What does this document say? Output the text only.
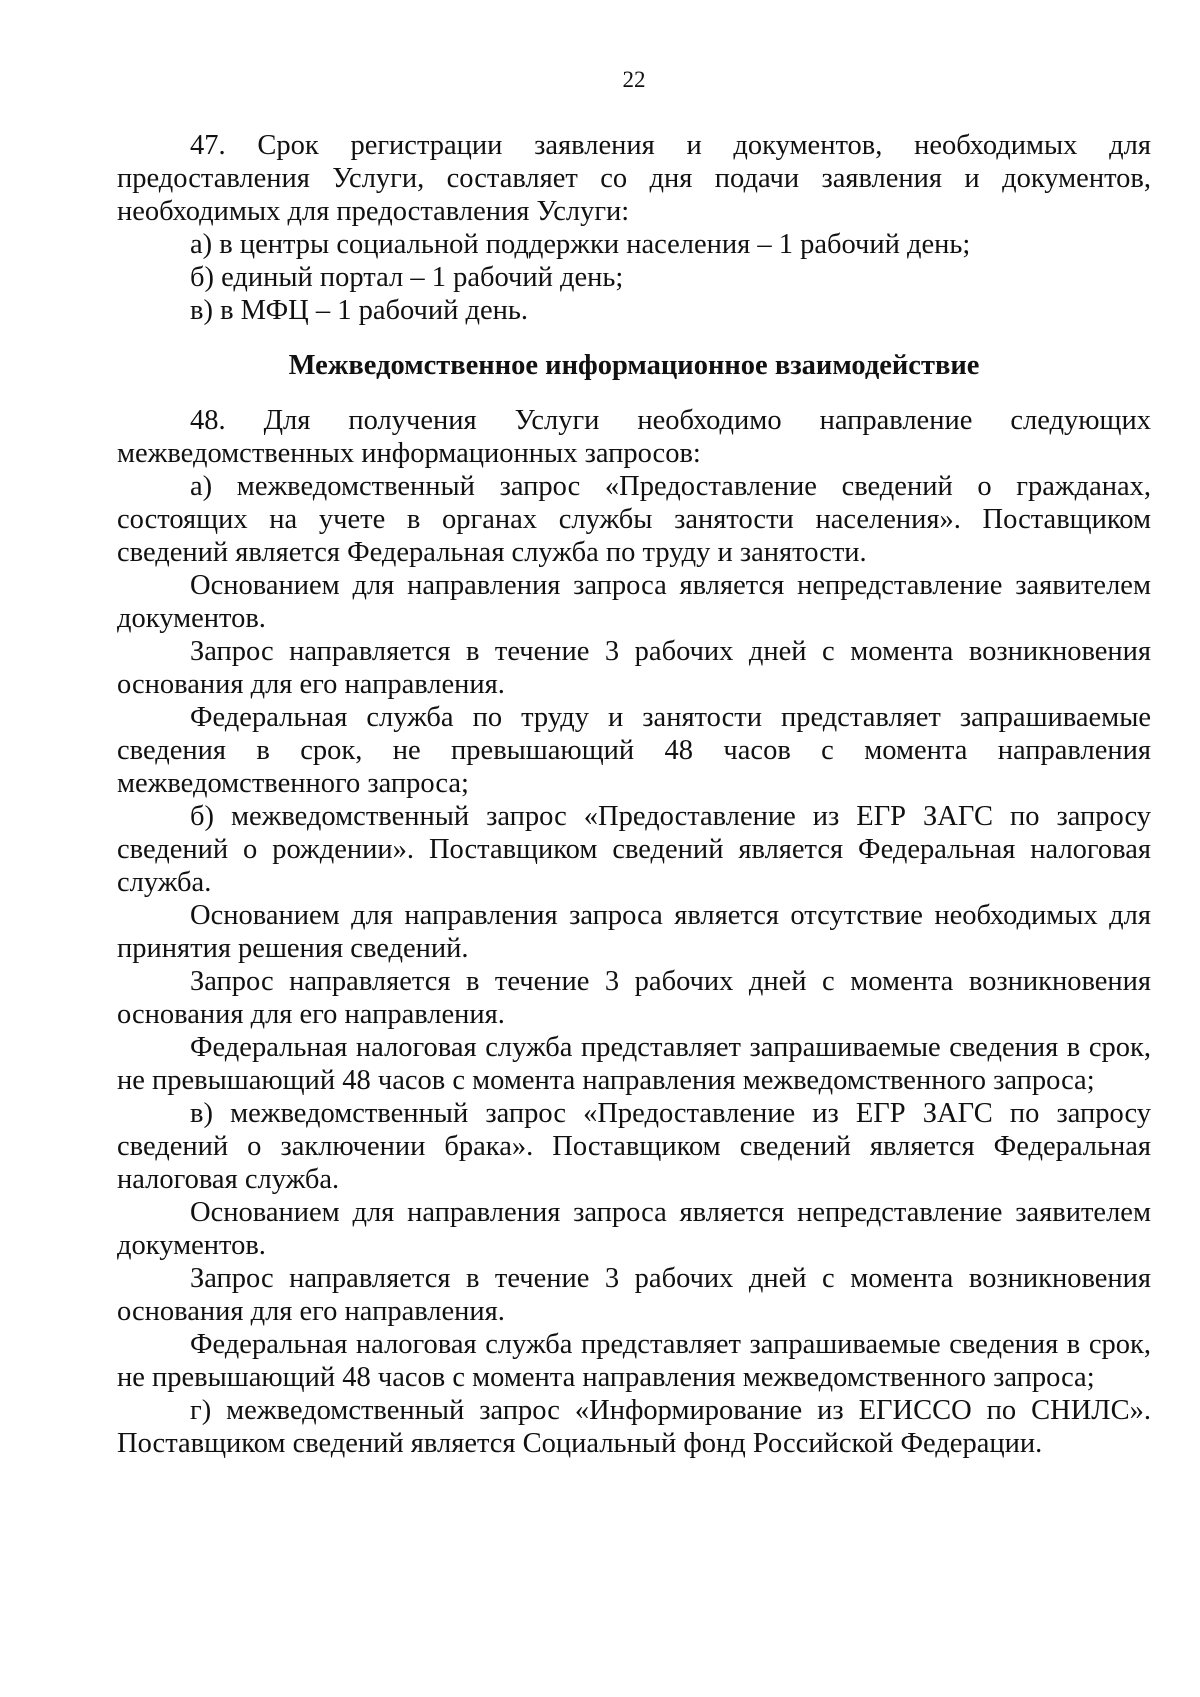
22

47. Срок регистрации заявления и документов, необходимых для предоставления Услуги, составляет со дня подачи заявления и документов, необходимых для предоставления Услуги:

а) в центры социальной поддержки населения – 1 рабочий день;

б) единый портал – 1 рабочий день;

в) в МФЦ – 1 рабочий день.

Межведомственное информационное взаимодействие

48. Для получения Услуги необходимо направление следующих межведомственных информационных запросов:

а) межведомственный запрос «Предоставление сведений о гражданах, состоящих на учете в органах службы занятости населения». Поставщиком сведений является Федеральная служба по труду и занятости.

Основанием для направления запроса является непредставление заявителем документов.

Запрос направляется в течение 3 рабочих дней с момента возникновения основания для его направления.

Федеральная служба по труду и занятости представляет запрашиваемые сведения в срок, не превышающий 48 часов с момента направления межведомственного запроса;

б) межведомственный запрос «Предоставление из ЕГР ЗАГС по запросу сведений о рождении». Поставщиком сведений является Федеральная налоговая служба.

Основанием для направления запроса является отсутствие необходимых для принятия решения сведений.

Запрос направляется в течение 3 рабочих дней с момента возникновения основания для его направления.

Федеральная налоговая служба представляет запрашиваемые сведения в срок, не превышающий 48 часов с момента направления межведомственного запроса;

в) межведомственный запрос «Предоставление из ЕГР ЗАГС по запросу сведений о заключении брака». Поставщиком сведений является Федеральная налоговая служба.

Основанием для направления запроса является непредставление заявителем документов.

Запрос направляется в течение 3 рабочих дней с момента возникновения основания для его направления.

Федеральная налоговая служба представляет запрашиваемые сведения в срок, не превышающий 48 часов с момента направления межведомственного запроса;

г) межведомственный запрос «Информирование из ЕГИССО по СНИЛС». Поставщиком сведений является Социальный фонд Российской Федерации.
